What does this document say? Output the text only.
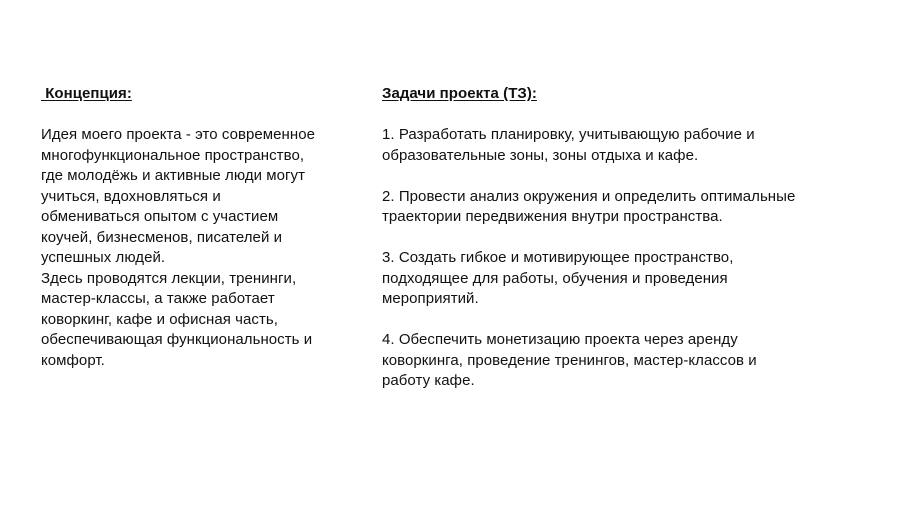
Концепция:

Идея моего проекта - это современное

многофункциональное пространство,

где молодёжь и активные люди могут

учиться, вдохновляться и

обмениваться опытом с участием

коучей, бизнесменов, писателей и

успешных людей.

Здесь проводятся лекции, тренинги,

мастер-классы, а также работает

коворкинг, кафе и офисная часть,

обеспечивающая функциональность и

комфорт.

Задачи проекта (ТЗ):

1. Разработать планировку, учитывающую рабочие и

образовательные зоны, зоны отдыха и кафе.

2. Провести анализ окружения и определить оптимальные

траектории передвижения внутри пространства.

3. Создать гибкое и мотивирующее пространство,

подходящее для работы, обучения и проведения

мероприятий.

4. Обеспечить монетизацию проекта через аренду

коворкинга, проведение тренингов, мастер-классов и

работу кафе.
